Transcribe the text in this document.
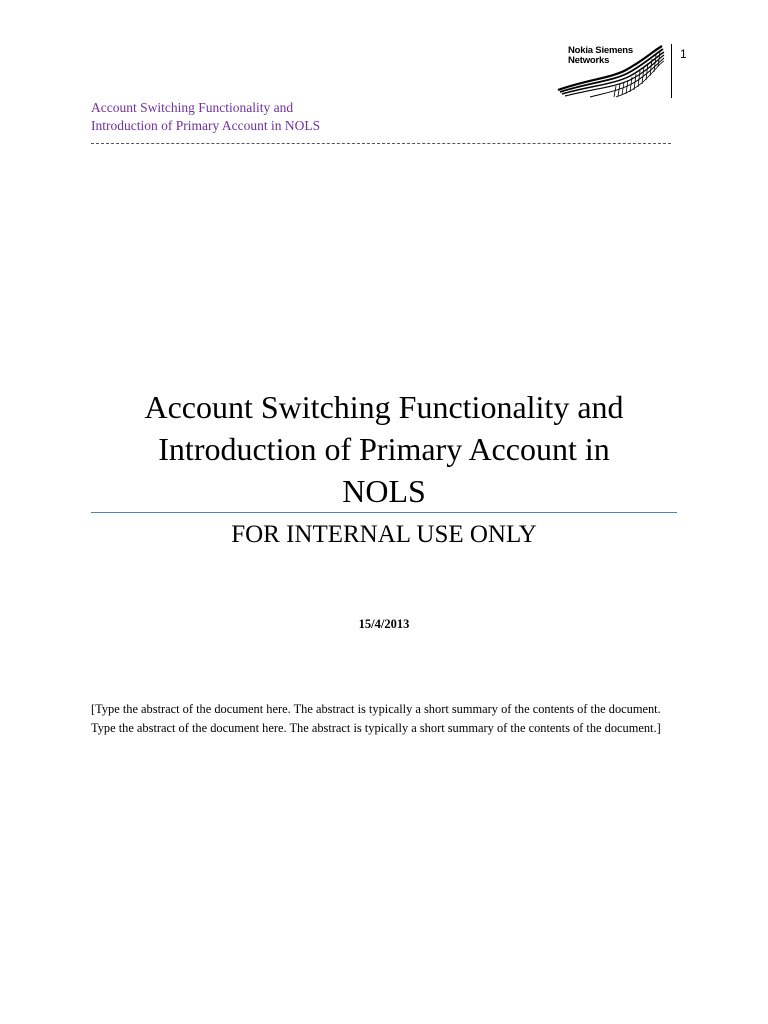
Nokia Siemens
Networks	1
Account Switching Functionality and
Introduction of Primary Account in NOLS
Account Switching Functionality and
Introduction of Primary Account in
NOLS
FOR INTERNAL USE ONLY
15/4/2013
[Type the abstract of the document here. The abstract is typically a short summary of the contents of the document. Type the abstract of the document here. The abstract is typically a short summary of the contents of the document.]
